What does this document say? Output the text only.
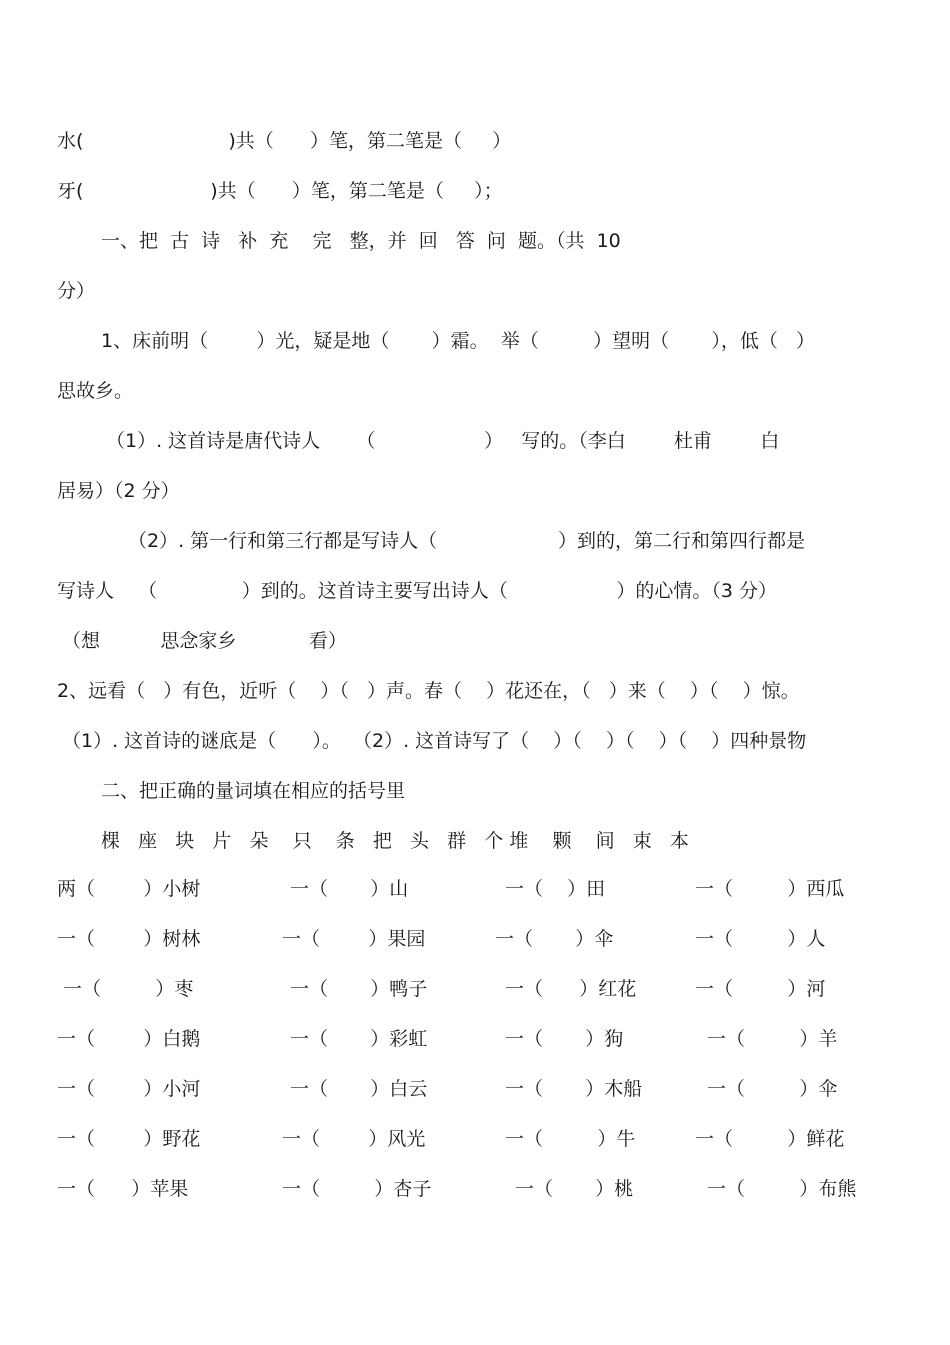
水(                        )共（      ）笔，第二笔是（     ）
牙(                     )共（      ）笔，第二笔是（     ）；
一、把  古  诗   补  充    完   整，并  回   答  问  题。（共  10
分）
1、床前明（        ）光，疑是地（       ）霜。  举（         ）望明（       ），低（   ）
思故乡。
（1）. 这首诗是唐代诗人      （                  ）   写的。（李白        杜甫        白
居易）（2 分）
（2）. 第一行和第三行都是写诗人（                    ）到的，第二行和第四行都是
写诗人    （              ）到的。这首诗主要写出诗人（                  ）的心情。（3 分）
（想          思念家乡            看）
2、远看（   ）有色，近听（    ）（   ）声。春（    ）花还在，（   ）来（    ）（    ）惊。
（1）. 这首诗的谜底是（      ）。  （2）. 这首诗写了（    ）（    ）（    ）（    ）四种景物
二、把正确的量词填在相应的括号里
棵   座   块   片   朵    只    条   把   头   群   个 堆    颗    间   束   本
两（        ）小树	一（       ）山	一（    ）田	一（         ）西瓜
一（        ）树林	一（        ）果园	一（       ）伞	一（         ）人
一（         ）枣	一（       ）鸭子	一（      ）红花	一（         ）河
一（        ）白鹅	一（       ）彩虹	一（       ）狗	一（         ）羊
一（        ）小河	一（       ）白云	一（       ）木船	一（         ）伞
一（        ）野花	一（        ）风光	一（         ）牛	一（         ）鲜花
一（      ）苹果	一（         ）杏子	一（       ）桃	一（         ）布熊
